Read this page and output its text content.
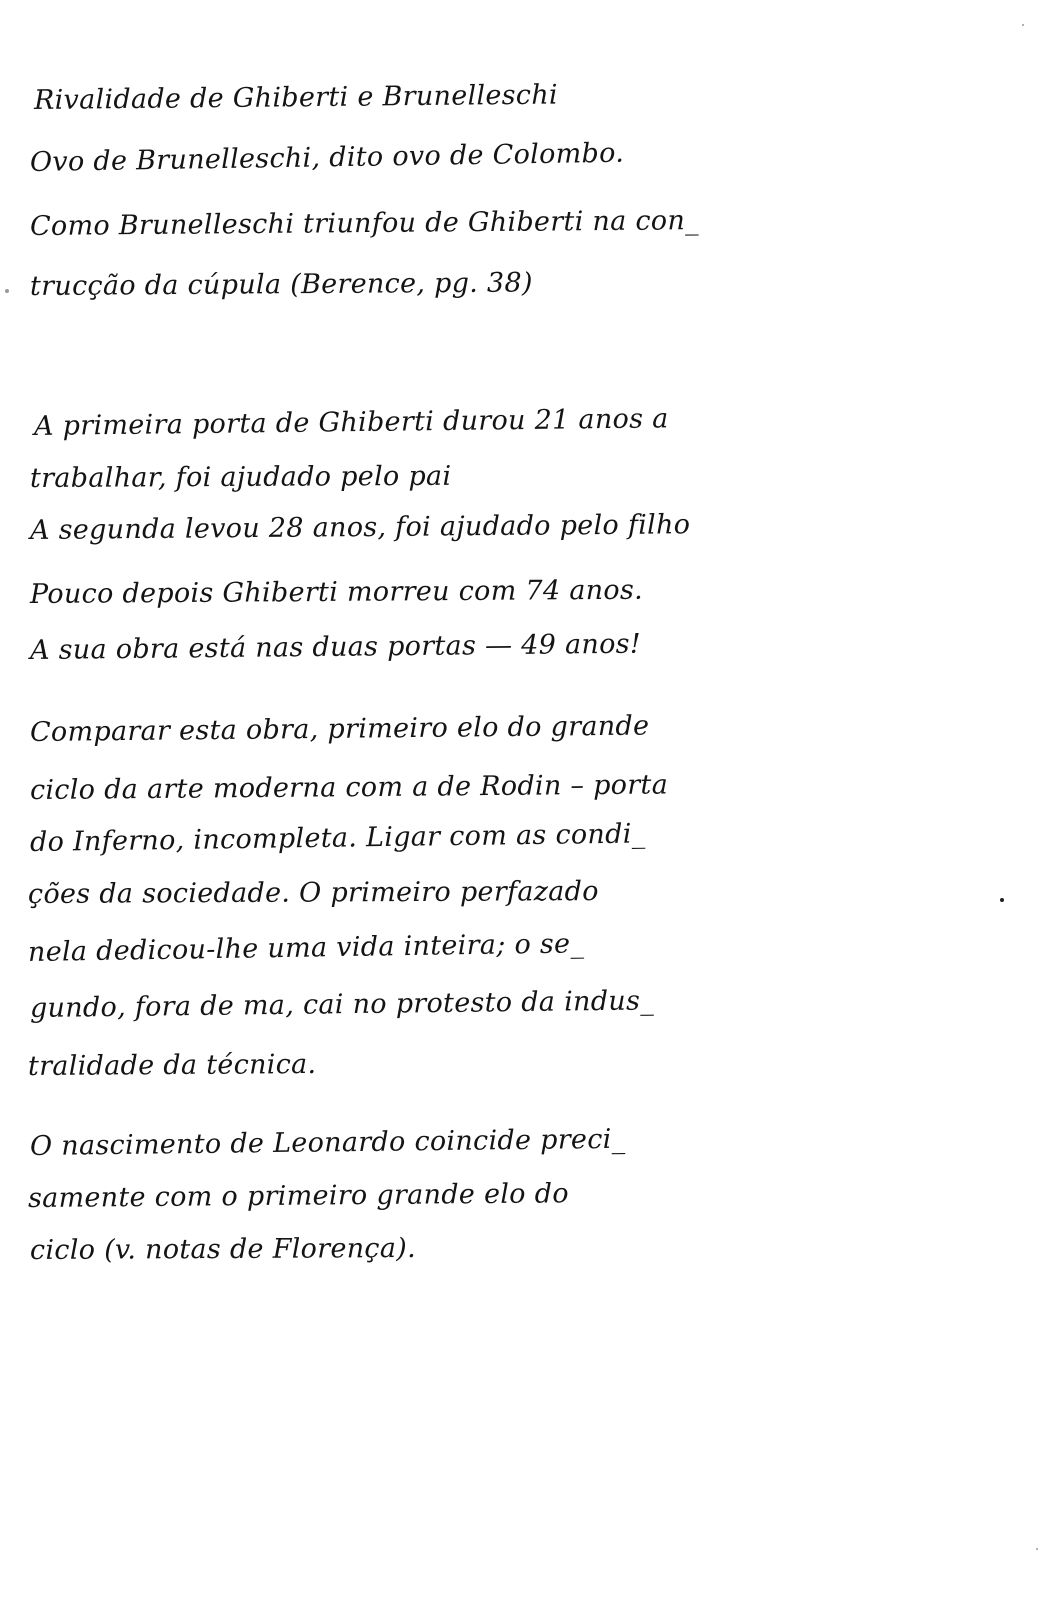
Rivalidade de Ghiberti e Brunelleschi
Ovo de Brunelleschi, dito ovo de Colombo.
Como Brunelleschi triunfou de Ghiberti na con_
trucção da cúpula (Berence, pg. 38)
A primeira porta de Ghiberti durou 21 anos a
trabalhar, foi ajudado pelo pai
A segunda levou 28 anos, foi ajudado pelo filho
Pouco depois Ghiberti morreu com 74 anos.
A sua obra está nas duas portas — 49 anos!
Comparar esta obra, primeiro elo do grande
ciclo da arte moderna com a de Rodin – porta
do Inferno, incompleta. Ligar com as condi_
ções da sociedade. O primeiro perfazado
nela dedicou-lhe uma vida inteira; o se_
gundo, fora de ma, cai no protesto da indus_
tralidade da técnica.
O nascimento de Leonardo coincide preci_
samente com o primeiro grande elo do
ciclo (v. notas de Florença).
